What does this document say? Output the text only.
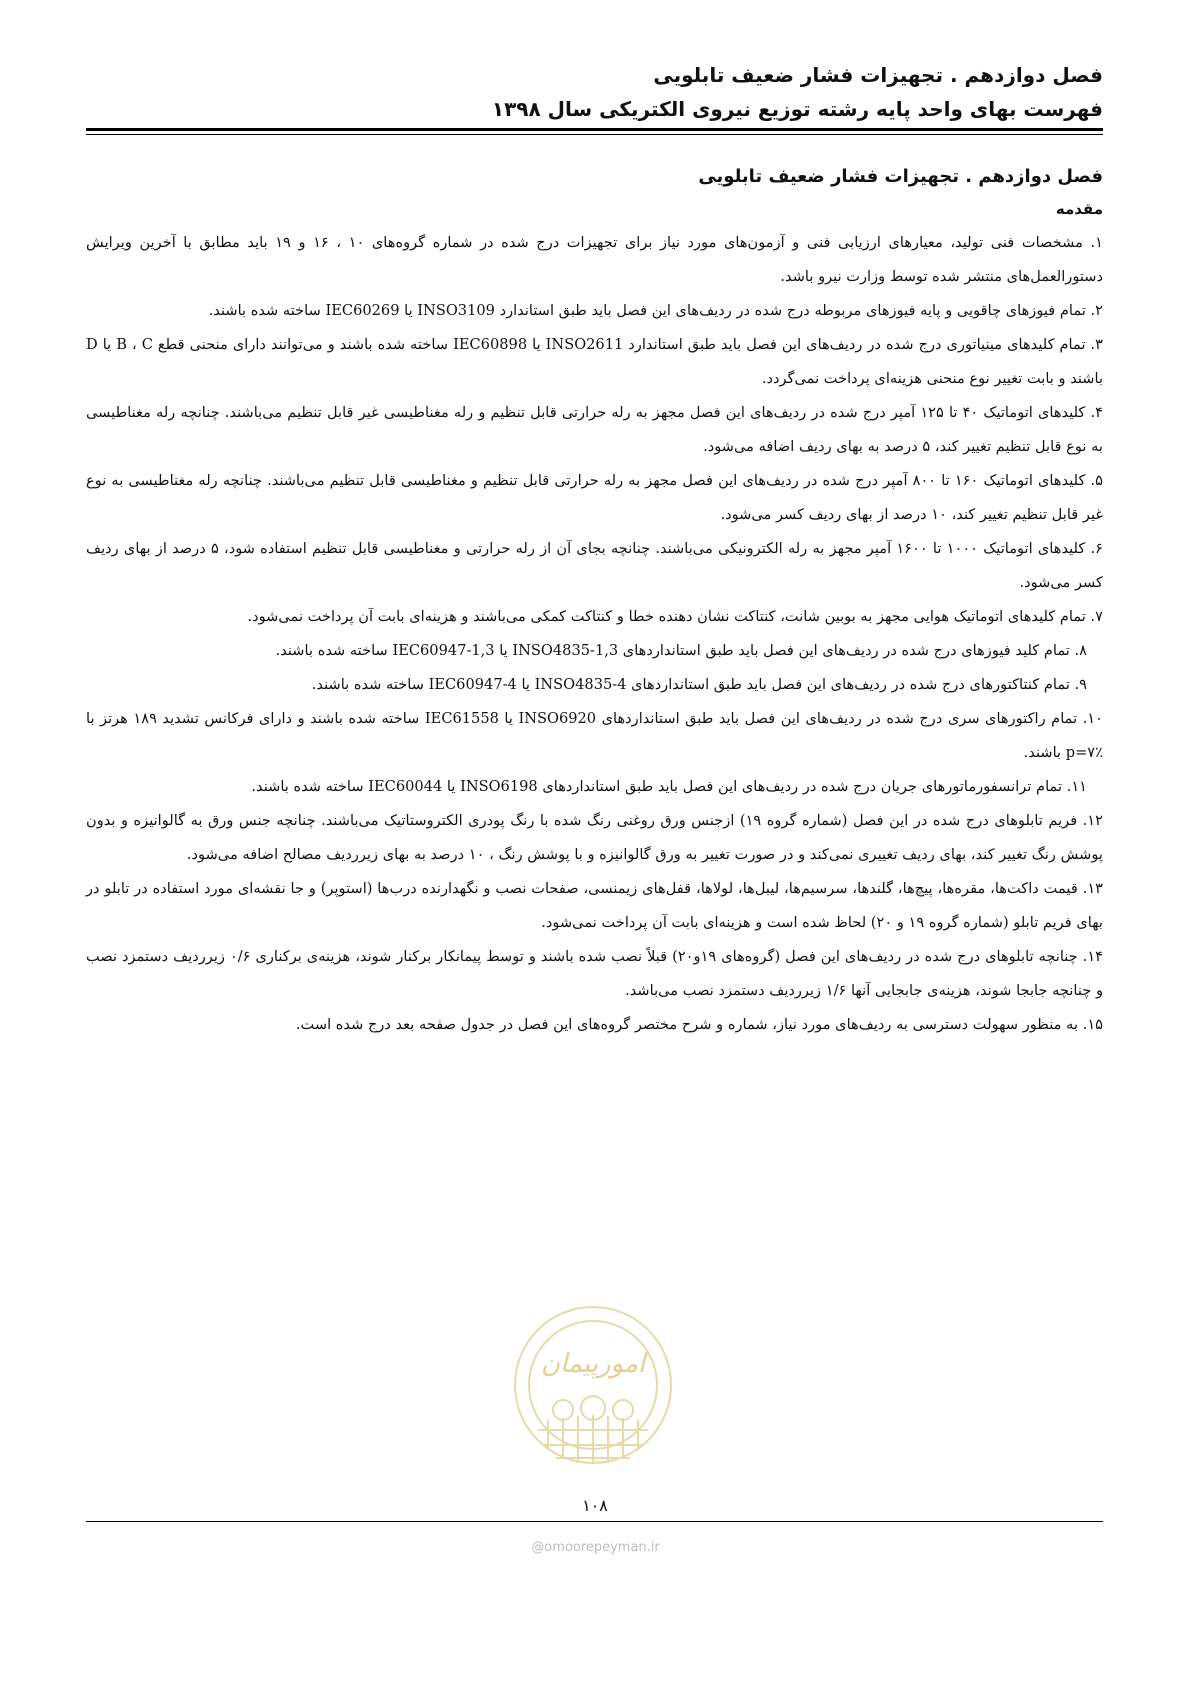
فصل دوازدهم . تجهیزات فشار ضعیف تابلویی
فهرست بهای واحد پایه رشته توزیع نیروی الکتریکی سال ۱۳۹۸
فصل دوازدهم . تجهیزات فشار ضعیف تابلویی
مقدمه

۱. مشخصات فنی تولید، معیارهای ارزیابی فنی و آزمون‌های مورد نیاز برای تجهیزات درج شده در شماره گروه‌های ۱۰ ، ۱۶ و ۱۹ باید مطابق با آخرین ویرایش دستورالعمل‌های منتشر شده توسط وزارت نیرو باشد.

۲. تمام فیوزهای چاقویی و پایه فیوزهای مربوطه درج شده در ردیف‌های این فصل باید طبق استاندارد INSO3109 یا IEC60269 ساخته شده باشند.

۳. تمام کلیدهای مینیاتوری درج شده در ردیف‌های این فصل باید طبق استاندارد INSO2611 یا IEC60898 ساخته شده باشند و می‌توانند دارای منحنی قطع B ، C یا D باشند و بابت تغییر نوع منحنی هزینه‌ای پرداخت نمی‌گردد.

۴. کلیدهای اتوماتیک ۴۰ تا ۱۲۵ آمپر درج شده در ردیف‌های این فصل مجهز به رله حرارتی قابل تنظیم و رله مغناطیسی غیر قابل تنظیم می‌باشند. چنانچه رله مغناطیسی به نوع قابل تنظیم تغییر کند، ۵ درصد به بهای ردیف اضافه می‌شود.

۵. کلیدهای اتوماتیک ۱۶۰ تا ۸۰۰ آمپر درج شده در ردیف‌های این فصل مجهز به رله حرارتی قابل تنظیم و مغناطیسی قابل تنظیم می‌باشند. چنانچه رله مغناطیسی به نوع غیر قابل تنظیم تغییر کند، ۱۰ درصد از بهای ردیف کسر می‌شود.

۶. کلیدهای اتوماتیک ۱۰۰۰ تا ۱۶۰۰ آمپر مجهز به رله الکترونیکی می‌باشند. چنانچه بجای آن از رله حرارتی و مغناطیسی قابل تنظیم استفاده شود، ۵ درصد از بهای ردیف کسر می‌شود.

۷. تمام کلیدهای اتوماتیک هوایی مجهز به بوبین شانت، کنتاکت نشان دهنده خطا و کنتاکت کمکی می‌باشند و هزینه‌ای بابت آن پرداخت نمی‌شود.

۸. تمام کلید فیوزهای درج شده در ردیف‌های این فصل باید طبق استانداردهای INSO4835-1,3 یا IEC60947-1,3 ساخته شده باشند.

۹. تمام کنتاکتورهای درج شده در ردیف‌های این فصل باید طبق استانداردهای INSO4835-4 یا IEC60947-4 ساخته شده باشند.

۱۰. تمام راکتورهای سری درج شده در ردیف‌های این فصل باید طبق استانداردهای INSO6920 یا IEC61558 ساخته شده باشند و دارای فرکانس تشدید ۱۸۹ هرتز با ٪p=۷ باشند.

۱۱. تمام ترانسفورماتورهای جریان درج شده در ردیف‌های این فصل باید طبق استانداردهای INSO6198 یا IEC60044 ساخته شده باشند.

۱۲. فریم تابلوهای درج شده در این فصل (شماره گروه ۱۹) ازجنس ورق روغنی رنگ شده با رنگ پودری الکتروستاتیک می‌باشند. چنانچه جنس ورق به گالوانیزه و بدون پوشش رنگ تغییر کند، بهای ردیف تغییری نمی‌کند و در صورت تغییر به ورق گالوانیزه و با پوشش رنگ ، ۱۰ درصد به بهای زیرردیف مصالح اضافه می‌شود.

۱۳. قیمت داکت‌ها، مقره‌ها، پیچ‌ها، گلندها، سرسیم‌ها، لیبل‌ها، لولاها، قفل‌های زیمنسی، صفحات نصب و نگهدارنده درب‌ها (استوپر) و جا نقشه‌ای مورد استفاده در تابلو در بهای فریم تابلو (شماره گروه ۱۹ و ۲۰) لحاظ شده است و هزینه‌ای بابت آن پرداخت نمی‌شود.

۱۴. چنانچه تابلوهای درج شده در ردیف‌های این فصل (گروه‌های ۱۹و۲۰) قبلاً نصب شده باشند و توسط پیمانکار برکنار شوند، هزینه‌ی برکناری ۰/۶ زیرردیف دستمزد نصب و چنانچه جابجا شوند، هزینه‌ی جابجایی آنها ۱/۶ زیرردیف دستمزد نصب می‌باشد.

۱۵. به منظور سهولت دسترسی به ردیف‌های مورد نیاز، شماره و شرح مختصر گروه‌های این فصل در جدول صفحه بعد درج شده است.

امورپیمان
۱۰۸
@omoorepeyman.ir
